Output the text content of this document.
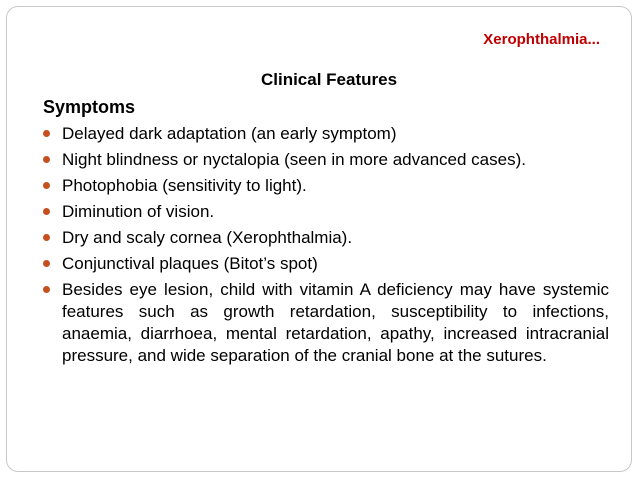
Xerophthalmia...
Clinical Features
Symptoms
Delayed dark adaptation (an early symptom)
Night blindness or nyctalopia (seen in more advanced cases).
Photophobia (sensitivity to light).
Diminution of vision.
Dry and scaly cornea (Xerophthalmia).
Conjunctival plaques (Bitot’s spot)
Besides eye lesion, child with vitamin A deficiency may have systemic features such as growth retardation, susceptibility to infections, anaemia, diarrhoea, mental retardation, apathy, increased intracranial pressure, and wide separation of the cranial bone at the sutures.
